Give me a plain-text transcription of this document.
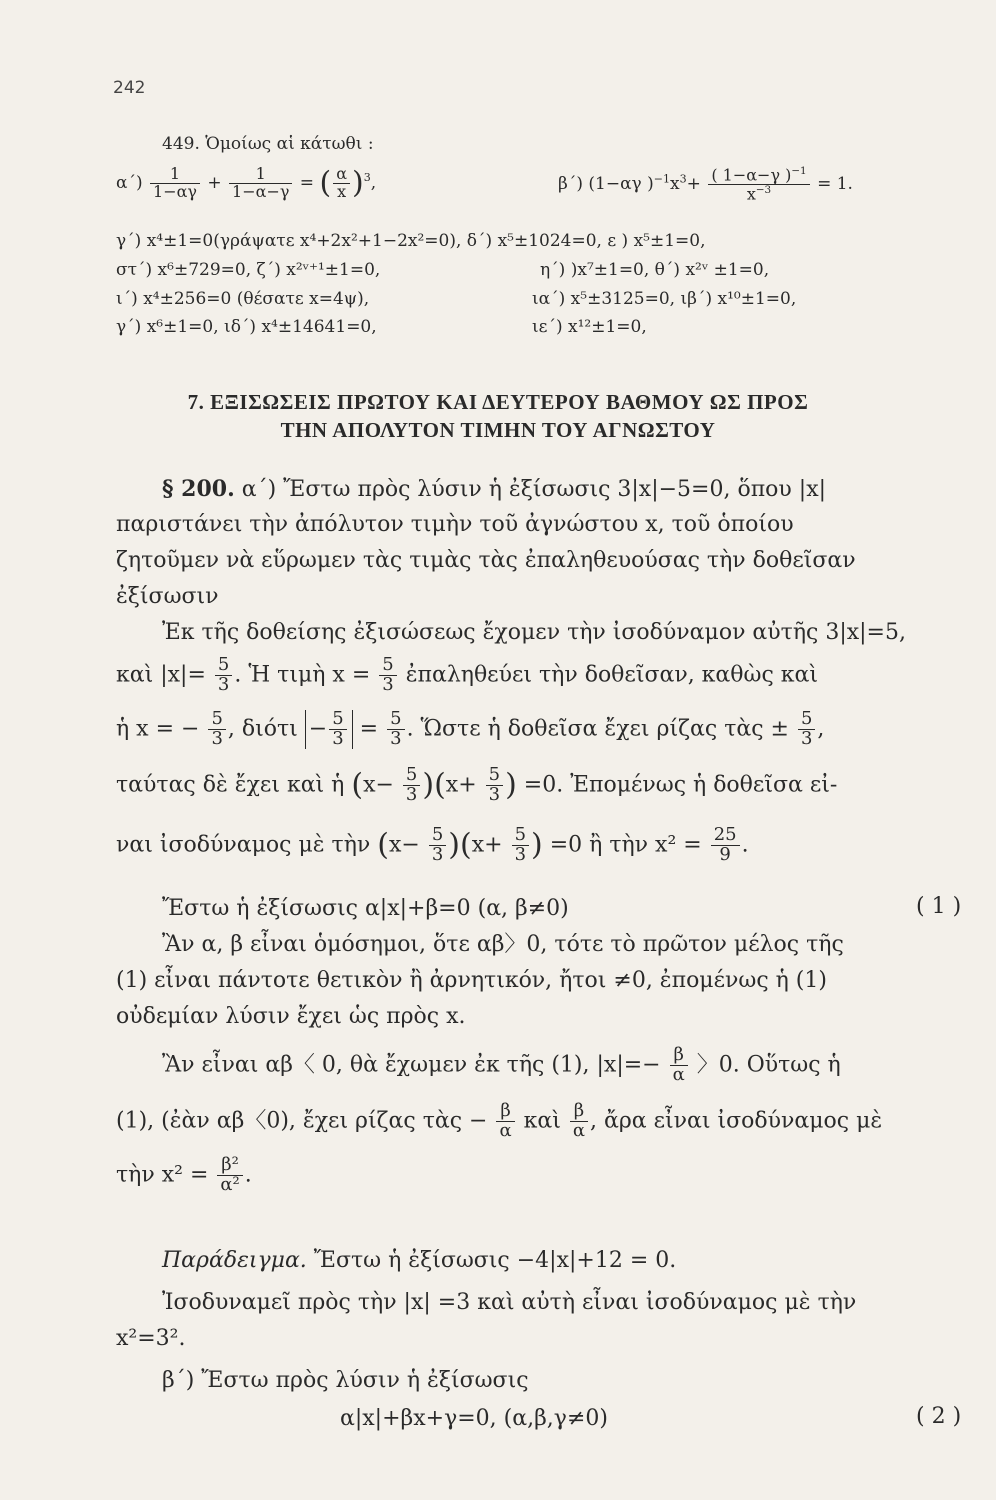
242
449. Ὁμοίως αἱ κάτωθι :
$\alpha΄) \frac{1}{1-\alpha\gamma} + \frac{1}{1-\alpha-\gamma}$ = ( $\frac{\alpha}{x} )^3$,	β΄) (1−αγ )$^{-1}x^3+ \frac{( 1-\alpha-\gamma )^{-1}}{x^{-3}} = 1$.
γ΄) x⁴±1=0(γράψατε x⁴+2x²+1−2x²=0), δ΄) x⁵±1024=0, ε ) x⁵±1=0,
στ΄) x⁶±729=0, ζ΄) x²ᵛ⁺¹±1=0,	η΄) )x⁷±1=0, θ΄) x²ᵛ ±1=0,
ι΄) x⁴±256=0 (θέσατε x=4ψ),	ια΄) x⁵±3125=0, ιβ΄) x¹⁰±1=0,
γ΄) x⁶±1=0, ιδ΄) x⁴±14641=0,	ιε΄) x¹²±1=0,
7. ΕΞΙΣΩΣΕΙΣ ΠΡΩΤΟΥ ΚΑΙ ΔΕΥΤΕΡΟΥ ΒΑΘΜΟΥ ΩΣ ΠΡΟΣ
ΤΗΝ ΑΠΟΛΥΤΟΝ ΤΙΜΗΝ ΤΟΥ ΑΓΝΩΣΤΟΥ
§ 200. α΄) Ἔστω πρὸς λύσιν ἡ ἐξίσωσις 3|x|−5=0, ὅπου |x|
παριστάνει τὴν ἀπόλυτον τιμὴν τοῦ ἀγνώστου x, τοῦ ὁποίου
ζητοῦμεν νὰ εὕρωμεν τὰς τιμὰς τὰς ἐπαληθευούσας τὴν δοθεῖσαν
ἐξίσωσιν
Ἐκ τῆς δοθείσης ἐξισώσεως ἔχομεν τὴν ἰσοδύναμον αὐτῆς 3|x|=5,
καὶ $|x|= \frac{5}{3}$ . Ἡ τιμὴ $x = \frac{5}{3}$ ἐπαληθεύει τὴν δοθεῖσαν, καθὼς καὶ
ἡ x = − $\frac{5}{3}$ , $\delta\iota ό\tau\iota - \frac{5}{3} = \frac{5}{3}$ . Ὥστε ἡ δοθεῖσα ἔχει ρίζας τὰς ± $\frac{5}{3}$ ,
ταύτας δὲ ἔχει καὶ ἡ $(x- \frac{5}{3} )(x+ \frac{5}{3}$ ) =0. Ἐπομένως ἡ δοθεῖσα εἰ-
ναι ἰσοδύναμος μὲ τὴν $(x- \frac{5}{3} )(x+ \frac{5}{3}$ ) =0 ἢ τὴν $x^2 = \frac{25}{9}$ .
Ἔστω ἡ ἐξίσωσις α|x|+β=0 (α, β≠0)	( 1 )
Ἂν α, β εἶναι ὁμόσημοι, ὅτε αβ〉0, τότε τὸ πρῶτον μέλος τῆς
(1) εἶναι πάντοτε θετικὸν ἢ ἀρνητικόν, ἤτοι ≠0, ἐπομένως ἡ (1)
οὐδεμίαν λύσιν ἔχει ὡς πρὸς x.
Ἂν εἶναι αβ〈 0, θὰ ἔχωμεν ἐκ τῆς (1), $|x|=- \frac{\beta}{\alpha}$ 〉0. Οὕτως ἡ
(1), (ἐὰν αβ〈0), ἔχει ρίζας τὰς − $\frac{\beta}{\alpha}$ καὶ $\frac{\beta}{\alpha}$ , ἄρα εἶναι ἰσοδύναμος μὲ
τὴν $x^2 = \frac{\text{β²}}{\text{α²}}$ .
Παράδειγμα. Ἔστω ἡ ἐξίσωσις −4|x|+12 = 0.
Ἰσοδυναμεῖ πρὸς τὴν |x| =3 καὶ αὐτὴ εἶναι ἰσοδύναμος μὲ τὴν
x²=3².
β΄) Ἔστω πρὸς λύσιν ἡ ἐξίσωσις
α|x|+βx+γ=0, (α,β,γ≠0)	( 2 )
